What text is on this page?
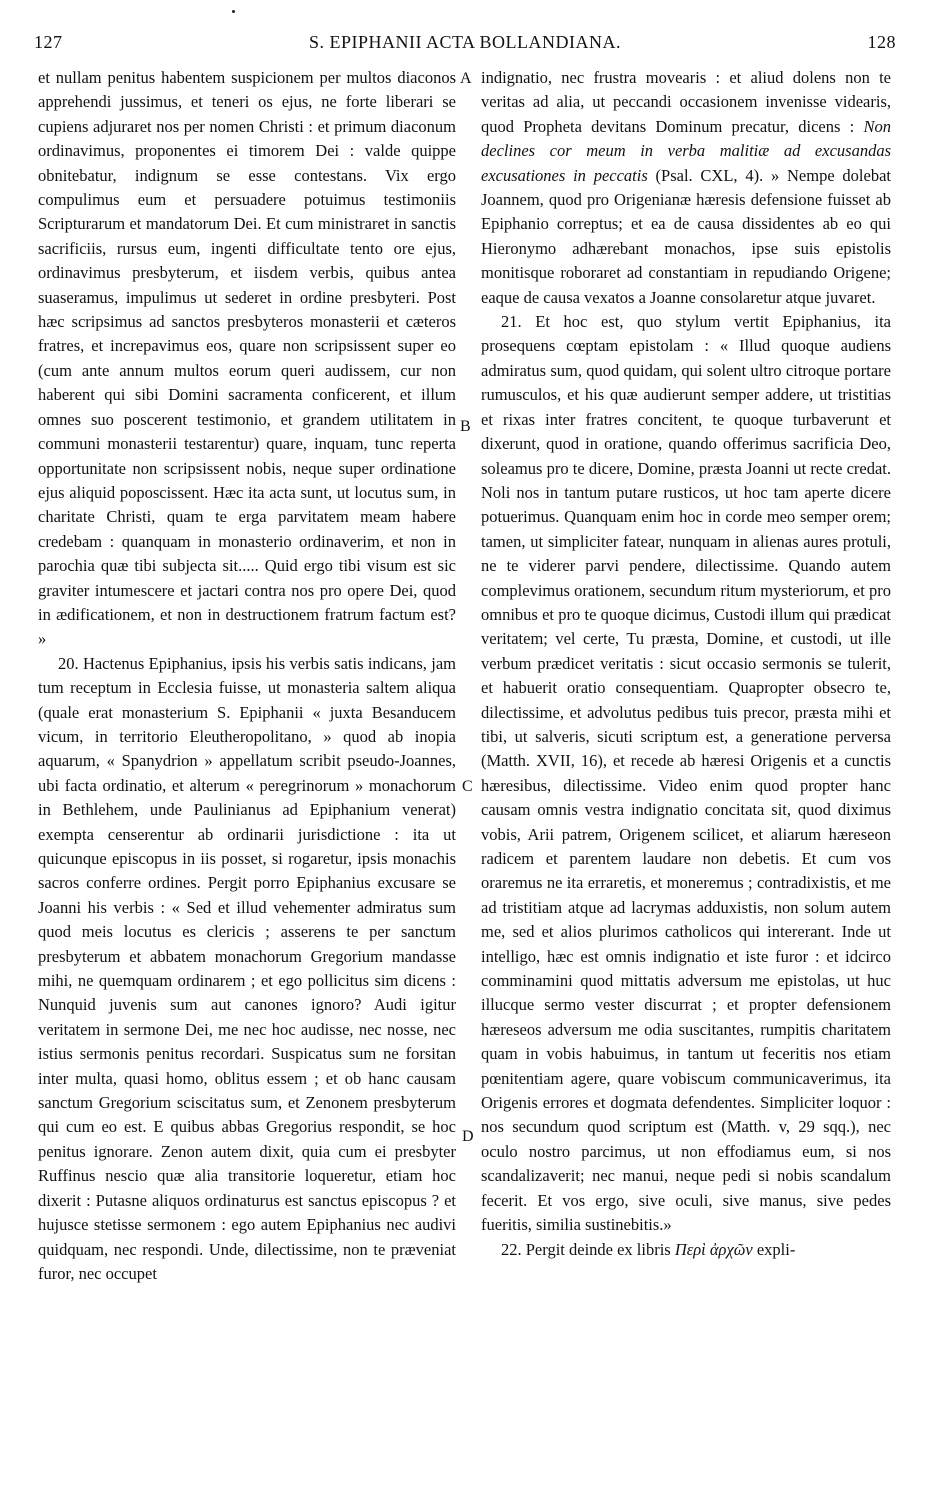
127	S. EPIPHANII ACTA BOLLANDIANA.	128

et nullam penitus habentem suspicionem per multos diaconos apprehendi jussimus, et teneri os ejus, ne forte liberari se cupiens adjuraret nos per nomen Christi : et primum diaconum ordinavimus, proponentes ei timorem Dei : valde quippe obnitebatur, indignum se esse contestans. Vix ergo compulimus eum et persuadere potuimus testimoniis Scripturarum et mandatorum Dei. Et cum ministraret in sanctis sacrificiis, rursus eum, ingenti difficultate tento ore ejus, ordinavimus presbyterum, et iisdem verbis, quibus antea suaseramus, impulimus ut sederet in ordine presbyteri. Post hæc scripsimus ad sanctos presbyteros monasterii et cæteros fratres, et increpavimus eos, quare non scripsissent super eo (cum ante annum multos eorum queri audissem, cur non haberent qui sibi Domini sacramenta conficerent, et illum omnes suo poscerent testimonio, et grandem utilitatem in communi monasterii testarentur) quare, inquam, tunc reperta opportunitate non scripsissent nobis, neque super ordinatione ejus aliquid poposcissent. Hæc ita acta sunt, ut locutus sum, in charitate Christi, quam te erga parvitatem meam habere credebam : quanquam in monasterio ordinaverim, et non in parochia quæ tibi subjecta sit..... Quid ergo tibi visum est sic graviter intumescere et jactari contra nos pro opere Dei, quod in ædificationem, et non in destructionem fratrum factum est? »

20. Hactenus Epiphanius, ipsis his verbis satis indicans, jam tum receptum in Ecclesia fuisse, ut monasteria saltem aliqua (quale erat monasterium S. Epiphanii « juxta Besanducem vicum, in territorio Eleutheropolitano, » quod ab inopia aquarum, « Spanydrion » appellatum scribit pseudo-Joannes, ubi facta ordinatio, et alterum « peregrinorum » monachorum in Bethlehem, unde Paulinianus ad Epiphanium venerat) exempta censerentur ab ordinarii jurisdictione : ita ut quicunque episcopus in iis posset, si rogaretur, ipsis monachis sacros conferre ordines. Pergit porro Epiphanius excusare se Joanni his verbis : « Sed et illud vehementer admiratus sum quod meis locutus es clericis ; asserens te per sanctum presbyterum et abbatem monachorum Gregorium mandasse mihi, ne quemquam ordinarem ; et ego pollicitus sim dicens : Nunquid juvenis sum aut canones ignoro? Audi igitur veritatem in sermone Dei, me nec hoc audisse, nec nosse, nec istius sermonis penitus recordari. Suspicatus sum ne forsitan inter multa, quasi homo, oblitus essem ; et ob hanc causam sanctum Gregorium sciscitatus sum, et Zenonem presbyterum qui cum eo est. E quibus abbas Gregorius respondit, se hoc penitus ignorare. Zenon autem dixit, quia cum ei presbyter Ruffinus nescio quæ alia transitorie loqueretur, etiam hoc dixerit : Putasne aliquos ordinaturus est sanctus episcopus ? et hujusce stetisse sermonem : ego autem Epiphanius nec audivi quidquam, nec respondi. Unde, dilectissime, non te præveniat furor, nec occupet

A
B
C
D

indignatio, nec frustra movearis : et aliud dolens non te veritas ad alia, ut peccandi occasionem invenisse videaris, quod Propheta devitans Dominum precatur, dicens : Non declines cor meum in verba malitiæ ad excusandas excusationes in peccatis (Psal. CXL, 4). » Nempe dolebat Joannem, quod pro Origenianæ hæresis defensione fuisset ab Epiphanio correptus; et ea de causa dissidentes ab eo qui Hieronymo adhærebant monachos, ipse suis epistolis monitisque roboraret ad constantiam in repudiando Origene; eaque de causa vexatos a Joanne consolaretur atque juvaret.

21. Et hoc est, quo stylum vertit Epiphanius, ita prosequens cœptam epistolam : « Illud quoque audiens admiratus sum, quod quidam, qui solent ultro citroque portare rumusculos, et his quæ audierunt semper addere, ut tristitias et rixas inter fratres concitent, te quoque turbaverunt et dixerunt, quod in oratione, quando offerimus sacrificia Deo, soleamus pro te dicere, Domine, præsta Joanni ut recte credat. Noli nos in tantum putare rusticos, ut hoc tam aperte dicere potuerimus. Quanquam enim hoc in corde meo semper orem; tamen, ut simpliciter fatear, nunquam in alienas aures protuli, ne te viderer parvi pendere, dilectissime. Quando autem complevimus orationem, secundum ritum mysteriorum, et pro omnibus et pro te quoque dicimus, Custodi illum qui prædicat veritatem; vel certe, Tu præsta, Domine, et custodi, ut ille verbum prædicet veritatis : sicut occasio sermonis se tulerit, et habuerit oratio consequentiam. Quapropter obsecro te, dilectissime, et advolutus pedibus tuis precor, præsta mihi et tibi, ut salveris, sicuti scriptum est, a generatione perversa (Matth. XVII, 16), et recede ab hæresi Origenis et a cunctis hæresibus, dilectissime. Video enim quod propter hanc causam omnis vestra indignatio concitata sit, quod diximus vobis, Arii patrem, Origenem scilicet, et aliarum hæreseon radicem et parentem laudare non debetis. Et cum vos oraremus ne ita erraretis, et moneremus ; contradixistis, et me ad tristitiam atque ad lacrymas adduxistis, non solum autem me, sed et alios plurimos catholicos qui intererant. Inde ut intelligo, hæc est omnis indignatio et iste furor : et idcirco comminamini quod mittatis adversum me epistolas, ut huc illucque sermo vester discurrat ; et propter defensionem hæreseos adversum me odia suscitantes, rumpitis charitatem quam in vobis habuimus, in tantum ut feceritis nos etiam pœnitentiam agere, quare vobiscum communicaverimus, ita Origenis errores et dogmata defendentes. Simpliciter loquor : nos secundum quod scriptum est (Matth. v, 29 sqq.), nec oculo nostro parcimus, ut non effodiamus eum, si nos scandalizaverit; nec manui, neque pedi si nobis scandalum fecerit. Et vos ergo, sive oculi, sive manus, sive pedes fueritis, similia sustinebitis.»

22. Pergit deinde ex libris Περὶ ἀρχῶν expli-
